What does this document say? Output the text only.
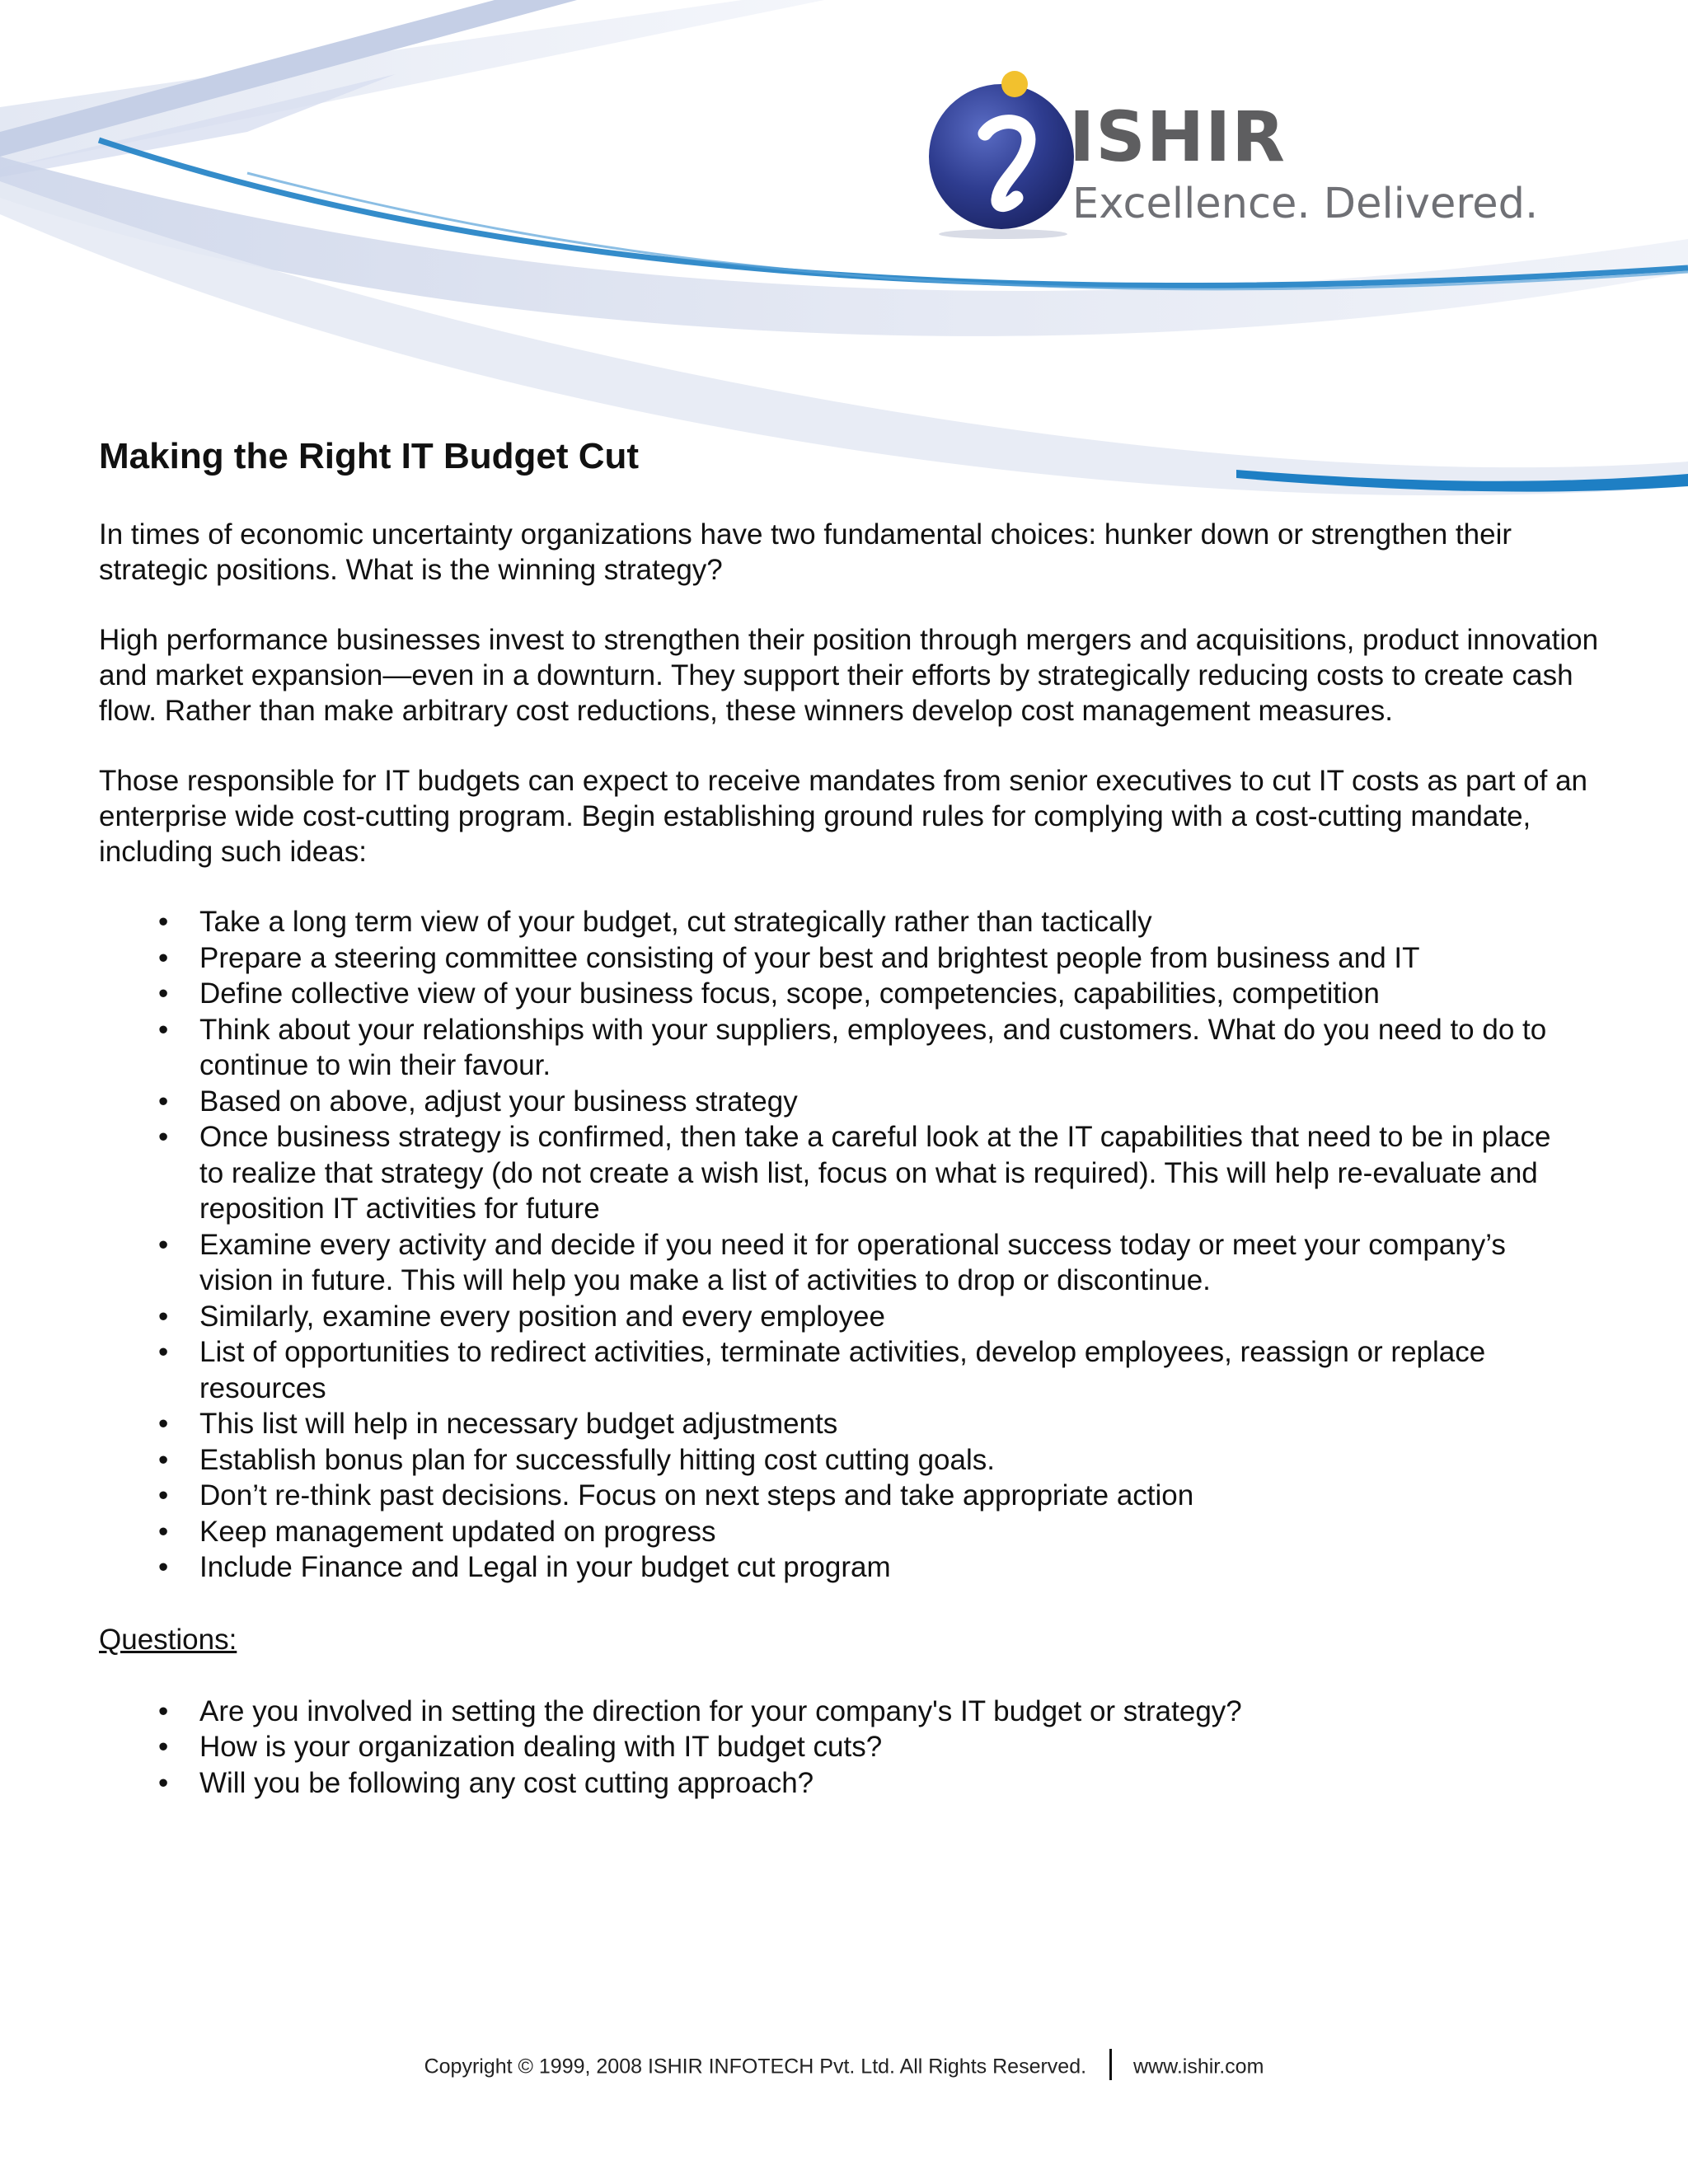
ISHIR
Excellence. Delivered.
Making the Right IT Budget Cut

In times of economic uncertainty organizations have two fundamental choices: hunker down or strengthen their strategic positions. What is the winning strategy?

High performance businesses invest to strengthen their position through mergers and acquisitions, product innovation and market expansion—even in a downturn. They support their efforts by strategically reducing costs to create cash flow. Rather than make arbitrary cost reductions, these winners develop cost management measures.

Those responsible for IT budgets can expect to receive mandates from senior executives to cut IT costs as part of an enterprise wide cost-cutting program. Begin establishing ground rules for complying with a cost-cutting mandate, including such ideas:

• Take a long term view of your budget, cut strategically rather than tactically
• Prepare a steering committee consisting of your best and brightest people from business and IT
• Define collective view of your business focus, scope, competencies, capabilities, competition
• Think about your relationships with your suppliers, employees, and customers. What do you need to do to continue to win their favour.
• Based on above, adjust your business strategy
• Once business strategy is confirmed, then take a careful look at the IT capabilities that need to be in place to realize that strategy (do not create a wish list, focus on what is required). This will help re-evaluate and reposition IT activities for future
• Examine every activity and decide if you need it for operational success today or meet your company’s vision in future. This will help you make a list of activities to drop or discontinue.
• Similarly, examine every position and every employee
• List of opportunities to redirect activities, terminate activities, develop employees, reassign or replace resources
• This list will help in necessary budget adjustments
• Establish bonus plan for successfully hitting cost cutting goals.
• Don’t re-think past decisions. Focus on next steps and take appropriate action
• Keep management updated on progress
• Include Finance and Legal in your budget cut program
Questions:
• Are you involved in setting the direction for your company's IT budget or strategy?
• How is your organization dealing with IT budget cuts?
• Will you be following any cost cutting approach?
Copyright © 1999, 2008 ISHIR INFOTECH Pvt. Ltd. All Rights Reserved. www.ishir.com
